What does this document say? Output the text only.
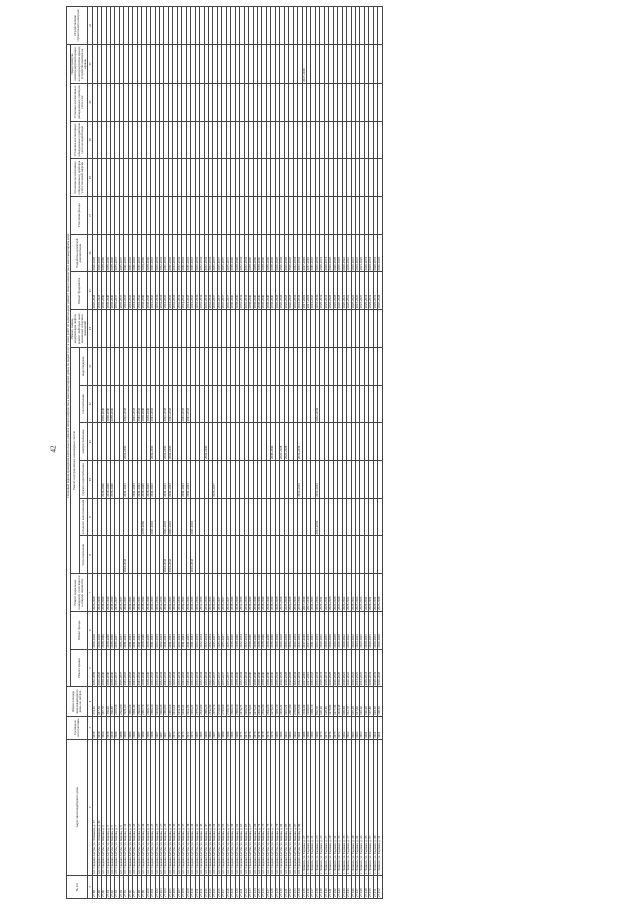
42
№ п/п	Адрес многоквартирного дома	Год ввода в эксплуатацию	Общая площадь многоквартирного дома, кв. метров	Плановый период проведения капитального ремонта общего имущества в многоквартирных домах по видам услуг и (или) работ по капитальному ремонту общего имущества в многоквартирном доме																	Осуществление строительного контроля
				Ремонт крыши	Ремонт фасада	Ремонт подвальных помещений, относящихся к общему имуществу	Ремонт внутридомовых инженерных систем						Ремонт, замена, модернизация лифтов, ремонт лифтовых шахт, машинных и блочных помещений	Ремонт фундамента	Разработка проектной документации	Утепление фасада	Установка коллективных (общедомовых) приборов учета тепловой энергии	Установка коллективных (общедомовых) приборов учета холодной воды	Установка коллективных (общедомовых) приборов учета газа	Переустройство невентилируемой крыши на вентилируемую крышу, устройство выходов на кровлю	
							теплоснабжения	холодного водоснабжения	горячего водоснабжения	электроснабжения	газоснабжения	водоотведения									
1	2	3	4	5	6	7	8	9	10	11	12	13	14	15	16	17	18	19	20	21	22
27.88	пгт. Средняя Ахтуба, ул. Ломакина, д. 37	1958	371,50	2056-2058	2026-2028	2026-2028								2026-2028	2026-2028						
27.89	пгт. Средняя Ахтуба, ул. Ломакина, д. 41	1958	417,50	2026-2028	2026-2028	2026-2028								2026-2028	2026-2028						
27.90	пгт. Средняя Ахтуба, ул. Кирова, д. 1	1960	397,70	2038-2040	2038-2040	2038-2040			2038-2040		2038-2040			2038-2040	2038-2040						
27.91	пгт. Средняя Ахтуба, ул. Кирова, д. 3	1958	359,90	2038-2040	2038-2040	2038-2040			2038-2040		2038-2040			2038-2040	2038-2040						
27.92	пгт. Средняя Ахтуба, ул. Кирова, д. 5	1958	366,80	2038-2040	2038-2040	2038-2040			2038-2040		2038-2040			2038-2040	2038-2040						
27.93	пгт. Средняя Ахтуба, ул. Кирова, д. 7	1988	2455,50	2035-2037	2035-2037	2035-2037								2035-2037	2035-2037						
27.94	пгт. Средняя Ахтуба, ул. Кирова, д. 9	1989	2563,90	2035-2037	2035-2037	2035-2037								2035-2037	2035-2037						
27.95	пгт. Средняя Ахтуба, ул. Кирова, д. 11	1980	3071,00	2041-2043	2041-2043	2041-2043	2041-2043		2041-2043	2041-2043	2041-2043			2041-2043	2041-2043						
27.96	пгт. Средняя Ахтуба, ул. Кирова, д. 13	1986	3082,60	2041-2043	2041-2043	2041-2043								2041-2043	2041-2043						
27.97	пгт. Средняя Ахтуба, ул. Кирова, д. 15	1986	3001,40	2041-2043	2041-2043	2041-2043			2041-2043		2041-2043			2041-2043	2041-2043						
27.98	пгт. Средняя Ахтуба, ул. Кирова, д. 17	1987	3066,00	2041-2043	2041-2043	2041-2043			2041-2043		2041-2043			2041-2043	2041-2043						
27.99	пгт. Средняя Ахтуба, ул. Кирова, д. 19	1988	2997,70	2038-2040	2038-2040	2038-2040		2038-2040	2038-2040		2038-2040			2038-2040	2038-2040						
27.100	пгт. Средняя Ахтуба, ул. Кирова, д. 21	1989	2968,70	2038-2040	2038-2040	2038-2040			2038-2040		2038-2040			2038-2040	2038-2040						
27.101	пгт. Средняя Ахтуба, ул. Кирова, д. 23	1988	2896,10	2041-2043	2041-2043	2041-2043		2041-2043	2041-2043	2041-2043	2041-2043			2041-2043	2041-2043						
27.102	пгт. Средняя Ахтуба, ул. Кирова, д. 25	1987	1160,10	2032-2034	2032-2034	2032-2034								2032-2034	2032-2034						
27.103	пгт. Средняя Ахтуба, ул. Кирова, д. 27	1987	3060,30	2032-2034	2032-2034	2032-2034								2032-2034	2032-2034						
27.104	пгт. Средняя Ахтуба, ул. Кирова, д. 29	1987	2984,80	2041-2043	2041-2043	2041-2043	2041-2043	2041-2043	2041-2043	2041-2043	2041-2043			2041-2043	2041-2043						
27.105	пгт. Средняя Ахтуба, ул. Кирова, д. 31	1987	2993,60	2041-2043	2041-2043	2041-2043	2041-2043	2041-2043	2041-2043	2041-2043	2041-2043			2041-2043	2041-2043						
27.106	пгт. Средняя Ахтуба, ул. Кирова, д. 33	1972	1152,10	2032-2034	2032-2034	2032-2034								2032-2034	2032-2034						
27.107	пгт. Средняя Ахтуба, ул. Кирова, д. 35	1972	1151,90	2032-2034	2032-2034	2032-2034								2032-2034	2032-2034						
27.108	пгт. Средняя Ахтуба, ул. Кирова, д. 37	1973	1161,20	2041-2043	2041-2043	2041-2043			2041-2043		2041-2043			2041-2043	2041-2043						
27.109	пгт. Средняя Ахтуба, ул. Кирова, д. 39	1972	1162,90	2041-2043	2041-2043	2041-2043			2041-2043		2041-2043			2041-2043	2041-2043						
27.110	пгт. Средняя Ахтуба, ул. Кирова, д. 41	1973	1193,20	2041-2043	2041-2043	2041-2043	2041-2043	2041-2043						2041-2043	2041-2043						
27.111	пгт. Средняя Ахтуба, ул. Кирова, д. 43	1985	2870,20	2032-2034	2032-2034	2032-2034								2032-2034	2032-2034						
27.112	пгт. Средняя Ахтуба, ул. Кирова, д. 45	1985	2913,80	2032-2034	2032-2034	2032-2034								2032-2034	2032-2034						
27.113	пгт. Средняя Ахтуба, ул. Кирова, д. 47	1986	2885,20	2032-2034	2032-2034	2032-2034				2041-2043				2032-2034	2032-2034						
27.114	пгт. Средняя Ахтуба, ул. Кирова, д. 49	1986	2912,40	2032-2034	2032-2034	2032-2034								2032-2034	2032-2034						
27.115	пгт. Средняя Ахтуба, ул. Кирова, д. 51	1987	2973,70	2035-2037	2035-2037	2035-2037			2035-2037					2035-2037	2035-2037						
27.116	пгт. Средняя Ахтуба, ул. Кирова, д. 53	1987	1728,80	2035-2037	2035-2037	2035-2037								2035-2037	2035-2037						
27.117	пгт. Средняя Ахтуба, ул. Кирова, д. 55	1988	2743,00	2035-2037	2035-2037	2035-2037								2035-2037	2035-2037						
27.118	пгт. Средняя Ахтуба, ул. Кирова, д. 57	1988	2769,30	2035-2037	2035-2037	2035-2037								2035-2037	2035-2037						
27.119	пгт. Средняя Ахтуба, ул. Кирова, д. 59	1989	1860,10	2038-2040	2038-2040	2038-2040								2038-2040	2038-2040						
27.120	пгт. Средняя Ахтуба, ул. Кирова, д. 61	1989	2880,10	2038-2040	2038-2040	2038-2040								2038-2040	2038-2040						
27.121	пгт. Средняя Ахтуба, ул. Кирова, д. 63	1975	1174,70	2032-2034	2032-2034	2032-2034								2032-2034	2032-2034						
27.122	пгт. Средняя Ахтуба, ул. Кирова, д. 65	1976	1184,50	2032-2034	2032-2034	2032-2034								2032-2034	2032-2034						
27.123	пгт. Средняя Ахтуба, ул. Кирова, д. 67	1976	1176,60	2038-2040	2038-2040	2038-2040								2038-2040	2038-2040						
27.124	пгт. Средняя Ахтуба, ул. Кирова, д. 69	1976	1175,20	2038-2040	2038-2040	2038-2040								2038-2040	2038-2040						
27.125	пгт. Средняя Ахтуба, ул. Кирова, д. 71	1978	1182,40	2038-2040	2038-2040	2038-2040								2038-2040	2038-2040						
27.126	пгт. Средняя Ахтуба, ул. Кирова, д. 73	1979	2932,10	2038-2040	2038-2040	2038-2040								2038-2040	2038-2040						
27.127	пгт. Средняя Ахтуба, ул. Кирова, д. 75	1979	2942,00	2038-2040	2038-2040	2038-2040								2038-2040	2038-2040						
27.128	пгт. Средняя Ахтуба, ул. Кирова, д. 77	1979	4279,20	2038-2040	2038-2040	2038-2040				2038-2040				2038-2040	2038-2040						
27.129	пгт. Средняя Ахтуба, ул. Кирова, д. 79	1984	3051,20	2026-2028	2026-2028	2026-2028								2026-2028	2026-2028						
27.130	пгт. Средняя Ахтуба, ул. Кирова, д. 81	1984	1169,20	2026-2028	2026-2028	2026-2028				2026-2028				2026-2028	2026-2028						
27.131	пгт. Средняя Ахтуба, ул. Кирова, д. 83	1962	1197,20	2026-2028	2026-2028	2026-2028				2026-2028				2026-2028	2026-2028						
27.132	пгт. Средняя Ахтуба, ул. Кирова, д. 85	1962	2887,90	2026-2028	2026-2028	2026-2028								2026-2028	2026-2028						
27.133	пгт. Средняя Ахтуба, ул. Кирова, д. 87	1962	2766,90	2032-2034	2032-2034	2032-2034								2032-2034	2032-2034						
27.134	пгт. Средняя Ахтуба, ул. Кирова, д. 89	1961	2875,90	2032-2034	2032-2034	2032-2034			2032-2034	2032-2034				2032-2034	2032-2034						
27.135	г. Ленинск, ул. Садовая, д. 17	1989	1011,00	2017-2019	2017-2019	2017-2019								2017-2019	2017-2019					2017-2019	
27.136	г. Ленинск, ул. Садовая, д. 19	1989	1039,60	2017-2019	2017-2019	2017-2019								2017-2019	2017-2019						
27.137	г. Ленинск, ул. Садовая, д. 21	1990	1091,50	2041-2043	2041-2043	2041-2043								2041-2043	2041-2043						
27.138	г. Ленинск, ул. Садовая, д. 23	1990	862,30	2032-2034	2032-2034	2032-2034		2032-2034	2032-2034		2032-2034			2032-2034	2032-2034						
27.139	г. Ленинск, ул. Садовая, д. 25	1973	620,10	2029-2031	2029-2031	2029-2031								2029-2031	2029-2031						
27.140	г. Ленинск, ул. Садовая, д. 27	1973	629,10	2029-2031	2029-2031	2029-2031								2029-2031	2029-2031						
27.141	г. Ленинск, ул. Садовая, д. 29	1974	1170,90	2026-2028	2026-2028	2026-2028								2026-2028	2026-2028						
27.142	г. Ленинск, ул. Садовая, д. 31	1975	1177,30	2026-2028	2026-2028	2026-2028								2026-2028	2026-2028						
27.143	г. Ленинск, ул. Садовая, д. 33	1972	1164,40	2026-2028	2026-2028	2026-2028								2026-2028	2026-2028						
27.144	г. Ленинск, ул. Садовая, д. 35	1962	609,90	2020-2022	2020-2022	2020-2022								2020-2022	2020-2022						
27.145	г. Ленинск, ул. Садовая, д. 37	1962	612,70	2020-2022	2020-2022	2020-2022								2020-2022	2020-2022						
27.146	г. Ленинск, ул. Садовая, д. 39	1965	607,20	2020-2022	2020-2022	2020-2022								2020-2022	2020-2022						
27.147	г. Ленинск, ул. Садовая, д. 41	1962	617,00	2023-2025	2023-2025	2023-2025								2023-2025	2023-2025						
27.148	г. Ленинск, ул. Садовая, д. 43	1963	619,20	2023-2025	2023-2025	2023-2025								2023-2025	2023-2025						
27.149	г. Ленинск, ул. Садовая, д. 45	1961	596,00	2029-2031	2029-2031	2029-2031								2029-2031	2029-2031						
27.150	г. Ленинск, ул. Садовая, д. 47	1962	597,80	2029-2031	2029-2031	2029-2031								2029-2031	2029-2031						
27.151	г. Ленинск, ул. Садовая, д. 49	1961	618,30	2029-2031	2029-2031	2029-2031								2029-2031	2029-2031						
27.152	г. Ленинск, ул. Садовая, д. 51	1961	598,50	2026-2028	2026-2028	2026-2028								2026-2028	2026-2028						
